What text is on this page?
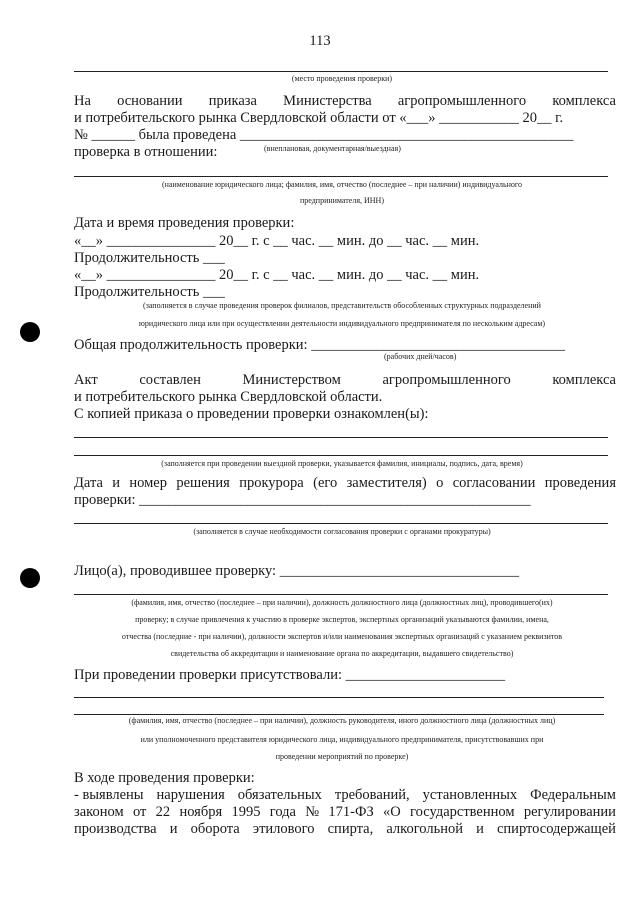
113
(место проведения проверки)
На основании приказа Министерства агропромышленного комплекса
и потребительского рынка Свердловской области от «___» ___________ 20__ г.
№ ______ была проведена ______________________________________________
проверка в отношении:	(внеплановая, документарная/выездная)
(наименование юридического лица; фамилия, имя, отчество (последнее – при наличии) индивидуального
предпринимателя, ИНН)
Дата и время проведения проверки:
«__» _______________ 20__ г. с __ час. __ мин. до __ час. __ мин.
Продолжительность ___
«__» _______________ 20__ г. с __ час. __ мин. до __ час. __ мин.
Продолжительность ___
(заполняется в случае проведения проверок филиалов, представительств обособленных структурных подразделений
юридического лица или при осуществлении деятельности индивидуального предпринимателя по нескольким адресам)
Общая продолжительность проверки: ___________________________________
(рабочих дней/часов)
Акт	составлен	Министерством	агропромышленного	комплекса
и потребительского рынка Свердловской области.
С копией приказа о проведении проверки ознакомлен(ы):
(заполняется при проведении выездной проверки, указывается фамилия, инициалы, подпись, дата, время)
Дата и номер решения прокурора (его заместителя) о согласовании проведения
проверки: ______________________________________________________
(заполняется в случае необходимости согласования проверки с органами прокуратуры)
Лицо(а), проводившее проверку: _________________________________
(фамилия, имя, отчество (последнее – при наличии), должность должностного лица (должностных лиц), проводившего(их)
проверку; в случае привлечения к участию в проверке экспертов, экспертных организаций указываются фамилии, имена,
отчества (последние - при наличии), должности экспертов и/или наименования экспертных организаций с указанием реквизитов
свидетельства об аккредитации и наименование органа по аккредитации, выдавшего свидетельство)
При проведении проверки присутствовали: ______________________
(фамилия, имя, отчество (последнее – при наличии), должность руководителя, иного должностного лица (должностных лиц)
или уполномоченного представителя юридического лица, индивидуального предпринимателя, присутствовавших при
проведении мероприятий по проверке)
В ходе проведения проверки:
- выявлены нарушения обязательных требований, установленных Федеральным
законом от 22 ноября 1995 года № 171-ФЗ «О государственном регулировании
производства и оборота этилового спирта, алкогольной и спиртосодержащей
